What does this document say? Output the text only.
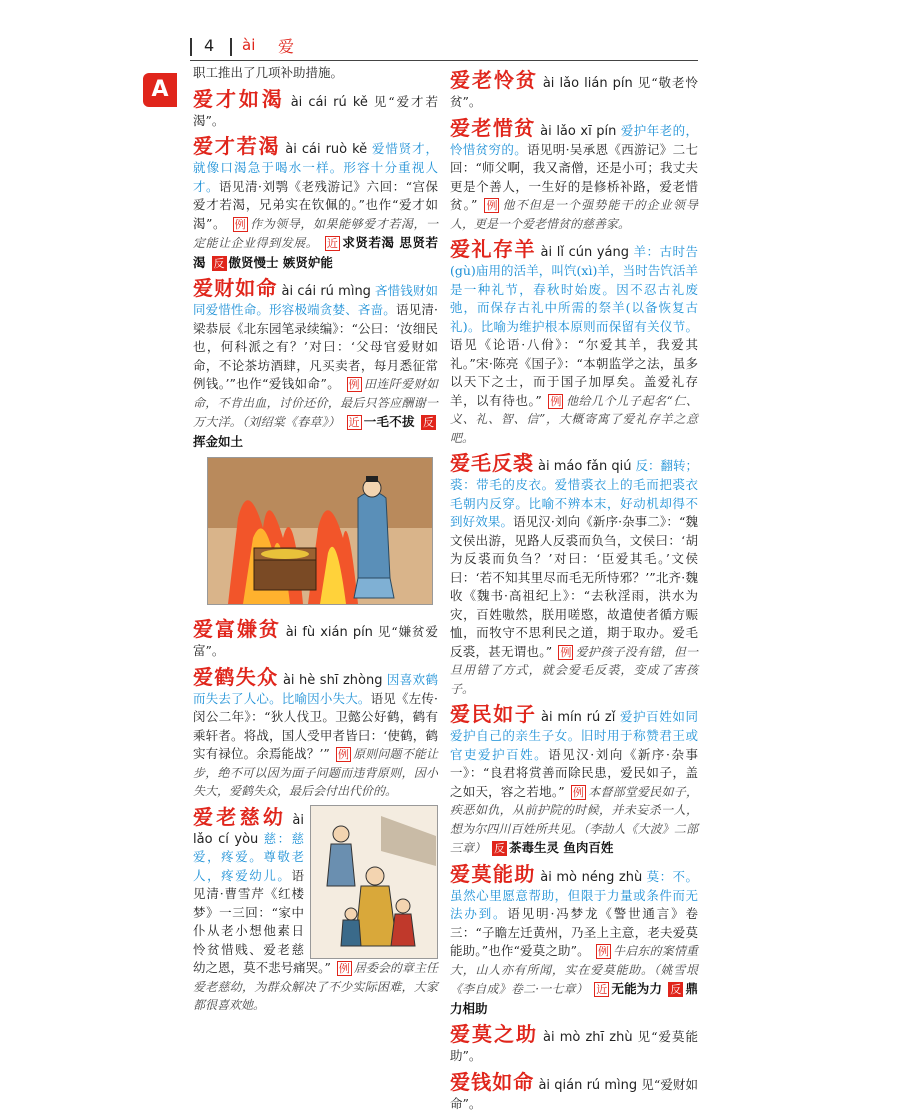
4 ài 爱
A

职工推出了几项补助措施。

爱才如渴 ài cái rú kě 见“爱才若渴”。

爱才若渴 ài cái ruò kě 爱惜贤才，就像口渴急于喝水一样。形容十分重视人才。语见清·刘鹗《老残游记》六回：“宫保爱才若渴，兄弟实在钦佩的。”也作“爱才如渴”。 例 作为领导，如果能够爱才若渴，一定能让企业得到发展。 近 求贤若渴 思贤若渴 反 傲贤慢士 嫉贤妒能

爱财如命 ài cái rú mìng 吝惜钱财如同爱惜性命。形容极端贪婪、吝啬。语见清·梁恭辰《北东园笔录续编》：“公曰：‘汝细民也，何科派之有？’对曰：‘父母官爱财如命，不论茶坊酒肆，凡买卖者，每月悉征常例钱。’”也作“爱钱如命”。 例 田连阡爱财如命，不肯出血，讨价还价，最后只答应酬谢一万大洋。（刘绍棠《春草》） 近 一毛不拔 反挥金如土

爱富嫌贫 ài fù xián pín 见“嫌贫爱富”。

爱鹤失众 ài hè shī zhòng 因喜欢鹤而失去了人心。比喻因小失大。语见《左传·闵公二年》：“狄人伐卫。卫懿公好鹤，鹤有乘轩者。将战，国人受甲者皆曰：‘使鹤，鹤实有禄位。余焉能战？’” 例 原则问题不能让步，绝不可以因为面子问题而违背原则，因小失大，爱鹤失众，最后会付出代价的。

爱老慈幼 ài lǎo cí yòu 慈：慈爱，疼爱。尊敬老人，疼爱幼儿。语见清·曹雪芹《红楼梦》一三回：“家中仆从老小想他素日怜贫惜贱、爱老慈幼之恩，莫不悲号痛哭。” 例 居委会的章主任爱老慈幼，为群众解决了不少实际困难，大家都很喜欢她。

爱老怜贫 ài lǎo lián pín 见“敬老怜贫”。

爱老惜贫 ài lǎo xī pín 爱护年老的，怜惜贫穷的。语见明·吴承恩《西游记》二七回：“师父啊，我又斋僧，还是小可；我丈夫更是个善人，一生好的是修桥补路，爱老惜贫。” 例 他不但是一个强势能干的企业领导人，更是一个爱老惜贫的慈善家。

爱礼存羊 ài lǐ cún yáng 羊：古时告(gù)庙用的活羊，叫饩(xì)羊，当时告饩活羊是一种礼节，春秋时始废。因不忍古礼废弛，而保存古礼中所需的祭羊(以备恢复古礼)。比喻为维护根本原则而保留有关仪节。语见《论语·八佾》：“尔爱其羊，我爱其礼。”宋·陈亮《国子》：“本朝监学之法，虽多以天下之士，而于国子加厚矣。盖爱礼存羊，以有待也。” 例 他给几个儿子起名“仁、义、礼、智、信”，大概寄寓了爱礼存羊之意吧。

爱毛反裘 ài máo fǎn qiú 反：翻转；裘：带毛的皮衣。爱惜裘衣上的毛而把裘衣毛朝内反穿。比喻不辨本末，好动机却得不到好效果。语见汉·刘向《新序·杂事二》：“魏文侯出游，见路人反裘而负刍，文侯曰：‘胡为反裘而负刍？’对曰：‘臣爱其毛。’文侯曰：‘若不知其里尽而毛无所恃邪？’”北齐·魏收《魏书·高祖纪上》：“去秋淫雨，洪水为灾，百姓嗷然，朕用嗟愍，故遣使者循方赈恤，而牧守不思利民之道，期于取办。爱毛反裘，甚无谓也。” 例 爱护孩子没有错，但一旦用错了方式，就会爱毛反裘，变成了害孩子。

爱民如子 ài mín rú zǐ 爱护百姓如同爱护自己的亲生子女。旧时用于称赞君王或官吏爱护百姓。语见汉·刘向《新序·杂事一》：“良君将赏善而除民患，爱民如子，盖之如天，容之若地。” 例 本督部堂爱民如子，疾恶如仇，从前护院的时候，并未妄杀一人，想为尔四川百姓所共见。（李劼人《大波》二部三章） 反 茶毒生灵 鱼肉百姓

爱莫能助 ài mò néng zhù 莫：不。虽然心里愿意帮助，但限于力量或条件而无法办到。语见明·冯梦龙《警世通言》卷三：“子瞻左迁黄州，乃圣上主意，老夫爱莫能助。”也作“爱莫之助”。 例 牛启东的案情重大，山人亦有所闻，实在爱莫能助。（姚雪垠《李自成》卷二·一七章） 近 无能为力 反 鼎力相助

爱莫之助 ài mò zhī zhù 见“爱莫能助”。

爱钱如命 ài qián rú mìng 见“爱财如命”。
